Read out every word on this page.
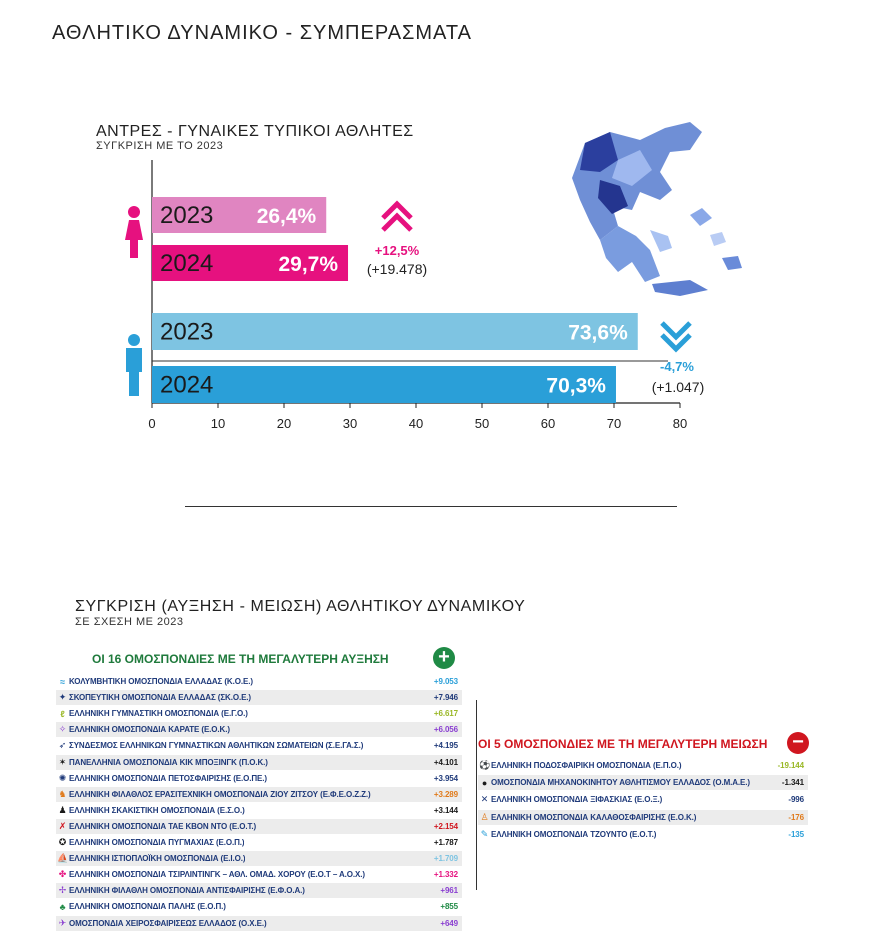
ΑΘΛΗΤΙΚΟ ΔΥΝΑΜΙΚΟ - ΣΥΜΠΕΡΑΣΜΑΤΑ
ΑΝΤΡΕΣ - ΓΥΝΑΙΚΕΣ ΤΥΠΙΚΟΙ ΑΘΛΗΤΕΣ
ΣΥΓΚΡΙΣΗ ΜΕ ΤΟ 2023
0	10	20	30	40	50	60	70	80
2023 26,4%
2024	29,7%
+12,5%
(+19.478)
2023	73,6%
2024	70,3%
-4,7%
(+1.047)
ΣΥΓΚΡΙΣΗ (ΑΥΞΗΣΗ - ΜΕΙΩΣΗ) ΑΘΛΗΤΙΚΟΥ ΔΥΝΑΜΙΚΟΥ
ΣΕ ΣΧΕΣΗ ΜΕ 2023
ΟΙ 16 ΟΜΟΣΠΟΝΔΙΕΣ ΜΕ ΤΗ ΜΕΓΑΛΥΤΕΡΗ ΑΥΞΗΣΗ +
ΟΙ 5 ΟΜΟΣΠΟΝΔΙΕΣ ΜΕ ΤΗ ΜΕΓΑΛΥΤΕΡΗ ΜΕΙΩΣΗ −
≈ ΚΟΛΥΜΒΗΤΙΚΗ ΟΜΟΣΠΟΝΔΙΑ ΕΛΛΑΔΑΣ (Κ.Ο.Ε.)	+9.053
✦ ΣΚΟΠΕΥΤΙΚΗ ΟΜΟΣΠΟΝΔΙΑ ΕΛΛΑΔΑΣ (ΣΚ.Ο.Ε.)	+7.946
ℓ ΕΛΛΗΝΙΚΗ ΓΥΜΝΑΣΤΙΚΗ ΟΜΟΣΠΟΝΔΙΑ (Ε.Γ.Ο.)	+6.617
✧ ΕΛΛΗΝΙΚΗ ΟΜΟΣΠΟΝΔΙΑ ΚΑΡΑΤΕ (Ε.Ο.Κ.)	+6.056
➶ ΣΥΝΔΕΣΜΟΣ ΕΛΛΗΝΙΚΩΝ ΓΥΜΝΑΣΤΙΚΩΝ ΑΘΛΗΤΙΚΩΝ ΣΩΜΑΤΕΙΩΝ (Σ.Ε.ΓΑ.Σ.)	+4.195
✶ ΠΑΝΕΛΛΗΝΙΑ ΟΜΟΣΠΟΝΔΙΑ ΚΙΚ ΜΠΟΞΙΝΓΚ (Π.Ο.Κ.)	+4.101
✺ ΕΛΛΗΝΙΚΗ ΟΜΟΣΠΟΝΔΙΑ ΠΕΤΟΣΦΑΙΡΙΣΗΣ (Ε.Ο.ΠΕ.)	+3.954
♞ ΕΛΛΗΝΙΚΗ ΦΙΛΑΘΛΟΣ ΕΡΑΣΙΤΕΧΝΙΚΗ ΟΜΟΣΠΟΝΔΙΑ ΖΙΟΥ ΖΙΤΣΟΥ (Ε.Φ.Ε.Ο.Ζ.Ζ.)	+3.289
♟ ΕΛΛΗΝΙΚΗ ΣΚΑΚΙΣΤΙΚΗ ΟΜΟΣΠΟΝΔΙΑ (Ε.Σ.Ο.)	+3.144
✗ ΕΛΛΗΝΙΚΗ ΟΜΟΣΠΟΝΔΙΑ ΤΑΕ ΚΒΟΝ ΝΤΟ (Ε.Ο.Τ.)	+2.154
✪ ΕΛΛΗΝΙΚΗ ΟΜΟΣΠΟΝΔΙΑ ΠΥΓΜΑΧΙΑΣ (Ε.Ο.Π.)	+1.787
⛵ ΕΛΛΗΝΙΚΗ ΙΣΤΙΟΠΛΟΪΚΗ ΟΜΟΣΠΟΝΔΙΑ (Ε.Ι.Ο.)	+1.709
✤ ΕΛΛΗΝΙΚΗ ΟΜΟΣΠΟΝΔΙΑ ΤΣΙΡΛΙΝΤΙΝΓΚ – ΑΘΛ. ΟΜΑΔ. ΧΟΡΟΥ (Ε.Ο.Τ – Α.Ο.Χ.)	+1.332
✢ ΕΛΛΗΝΙΚΗ ΦΙΛΑΘΛΗ ΟΜΟΣΠΟΝΔΙΑ ΑΝΤΙΣΦΑΙΡΙΣΗΣ (Ε.Φ.Ο.Α.)	+961
♣ ΕΛΛΗΝΙΚΗ ΟΜΟΣΠΟΝΔΙΑ ΠΑΛΗΣ (Ε.Ο.Π.)	+855
✈ ΟΜΟΣΠΟΝΔΙΑ ΧΕΙΡΟΣΦΑΙΡΙΣΕΩΣ ΕΛΛΑΔΟΣ (Ο.Χ.Ε.)	+649
⚽ ΕΛΛΗΝΙΚΗ ΠΟΔΟΣΦΑΙΡΙΚΗ ΟΜΟΣΠΟΝΔΙΑ (Ε.Π.Ο.)	-19.144
● ΟΜΟΣΠΟΝΔΙΑ ΜΗΧΑΝΟΚΙΝΗΤΟΥ ΑΘΛΗΤΙΣΜΟΥ ΕΛΛΑΔΟΣ (Ο.Μ.Α.Ε.)	-1.341
✕ ΕΛΛΗΝΙΚΗ ΟΜΟΣΠΟΝΔΙΑ ΞΙΦΑΣΚΙΑΣ (Ε.Ο.Ξ.)	-996
♙ ΕΛΛΗΝΙΚΗ ΟΜΟΣΠΟΝΔΙΑ ΚΑΛΑΘΟΣΦΑΙΡΙΣΗΣ (Ε.Ο.Κ.)	-176
✎ ΕΛΛΗΝΙΚΗ ΟΜΟΣΠΟΝΔΙΑ ΤΖΟΥΝΤΟ (Ε.Ο.Τ.)	-135
